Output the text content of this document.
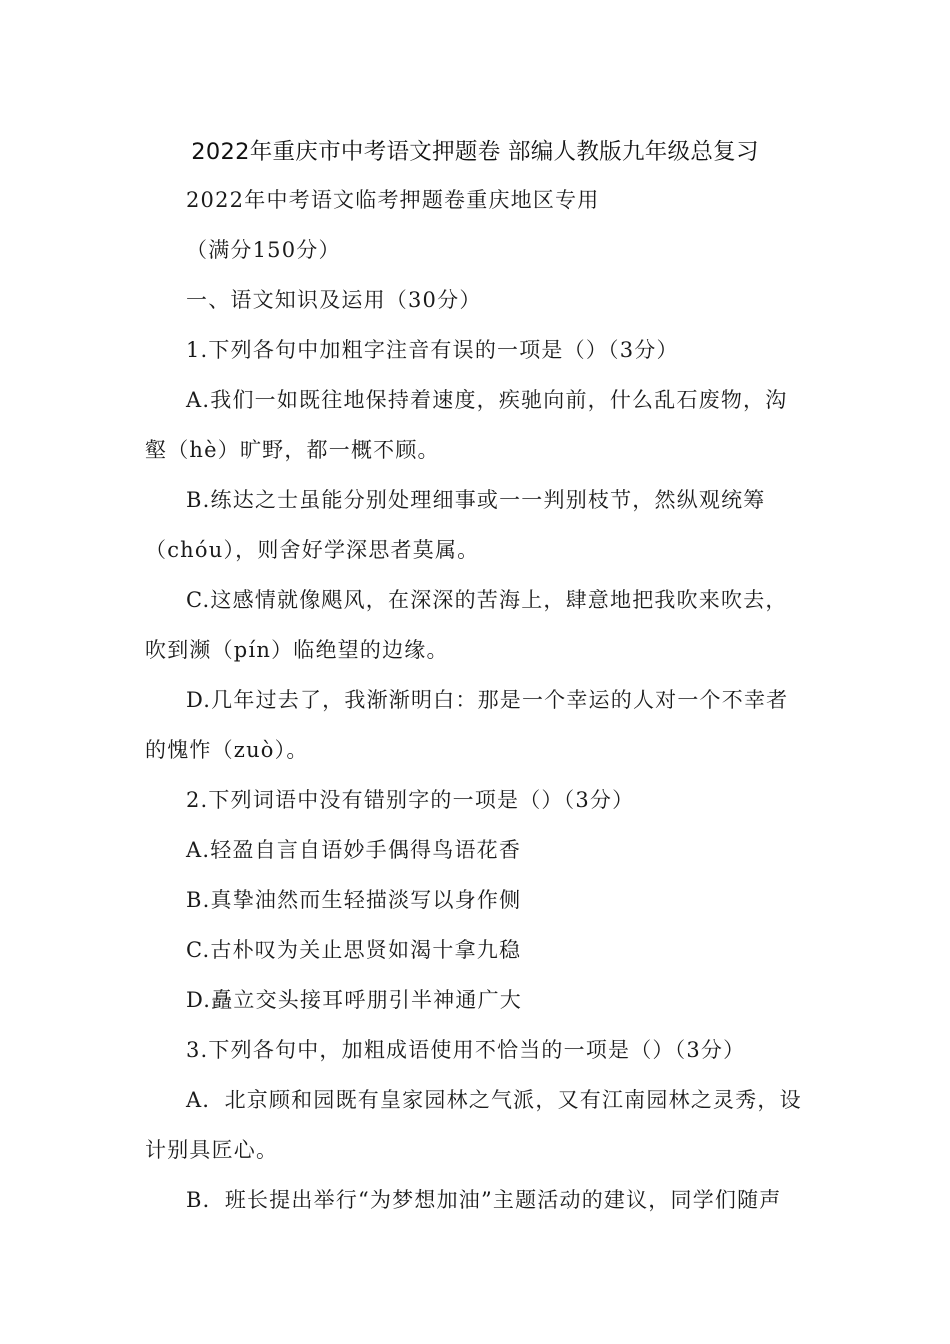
2022年重庆市中考语文押题卷 部编人教版九年级总复习
2022年中考语文临考押题卷重庆地区专用
（满分150分）
一、语文知识及运用（30分）
1.下列各句中加粗字注音有误的一项是（）（3分）
A.我们一如既往地保持着速度，疾驰向前，什么乱石废物，沟
壑（hè）旷野，都一概不顾。
B.练达之士虽能分别处理细事或一一判别枝节，然纵观统筹
（chóu），则舍好学深思者莫属。
C.这感情就像飓风，在深深的苦海上，肆意地把我吹来吹去，
吹到濒（pín）临绝望的边缘。
D.几年过去了，我渐渐明白：那是一个幸运的人对一个不幸者
的愧怍（zuò）。
2.下列词语中没有错别字的一项是（）（3分）
A.轻盈自言自语妙手偶得鸟语花香
B.真挚油然而生轻描淡写以身作侧
C.古朴叹为关止思贤如渴十拿九稳
D.矗立交头接耳呼朋引半神通广大
3.下列各句中，加粗成语使用不恰当的一项是（）（3分）
A．北京顾和园既有皇家园林之气派，又有江南园林之灵秀，设
计别具匠心。
B．班长提出举行“为梦想加油”主题活动的建议，同学们随声
